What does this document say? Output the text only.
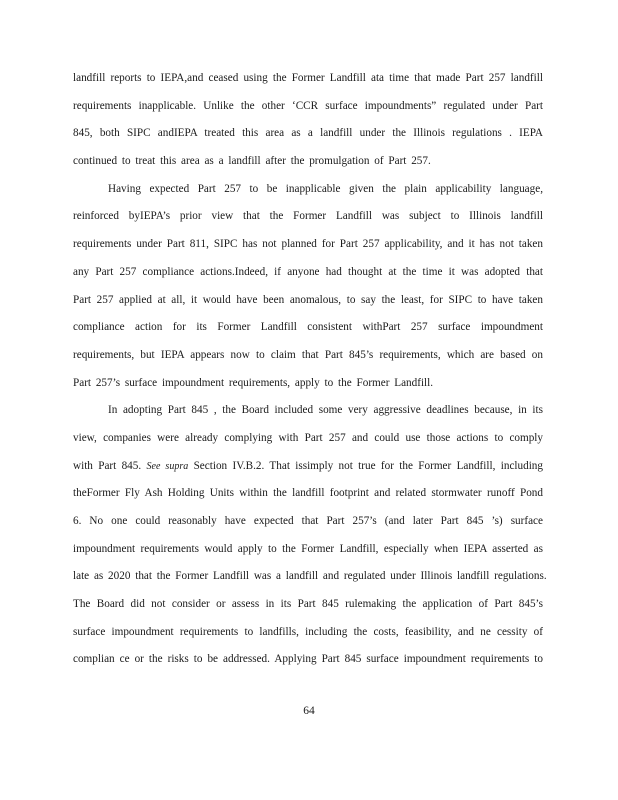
landfill reports to IEPA,and ceased using the Former Landfill ata time that made Part 257 landfill
requirements inapplicable. Unlike the other ‘CCR surface impoundments” regulated under Part
845, both SIPC andIEPA treated this area as a landfill under the Illinois regulations . IEPA
continued to treat this area as a landfill after the promulgation of Part 257.
Having expected Part 257 to be inapplicable given the plain applicability language,
reinforced byIEPA’s prior view that the Former Landfill was subject to Illinois landfill
requirements under Part 811, SIPC has not planned for Part 257 applicability, and it has not taken
any Part 257 compliance actions.Indeed, if anyone had thought at the time it was adopted that
Part 257 applied at all, it would have been anomalous, to say the least, for SIPC to have taken
compliance action for its Former Landfill consistent withPart 257 surface impoundment
requirements, but IEPA appears now to claim that Part 845’s requirements, which are based on
Part 257’s surface impoundment requirements, apply to the Former Landfill.
In adopting Part 845 , the Board included some very aggressive deadlines because, in its
view, companies were already complying with Part 257 and could use those actions to comply
with Part 845. See supra Section IV.B.2. That issimply not true for the Former Landfill, including
theFormer Fly Ash Holding Units within the landfill footprint and related stormwater runoff Pond
6. No one could reasonably have expected that Part 257’s (and later Part 845 ’s) surface
impoundment requirements would apply to the Former Landfill, especially when IEPA asserted as
late as 2020 that the Former Landfill was a landfill and regulated under Illinois landfill regulations.
The Board did not consider or assess in its Part 845 rulemaking the application of Part 845’s
surface impoundment requirements to landfills, including the costs, feasibility, and ne cessity of
complian ce or the risks to be addressed. Applying Part 845 surface impoundment requirements to
64
